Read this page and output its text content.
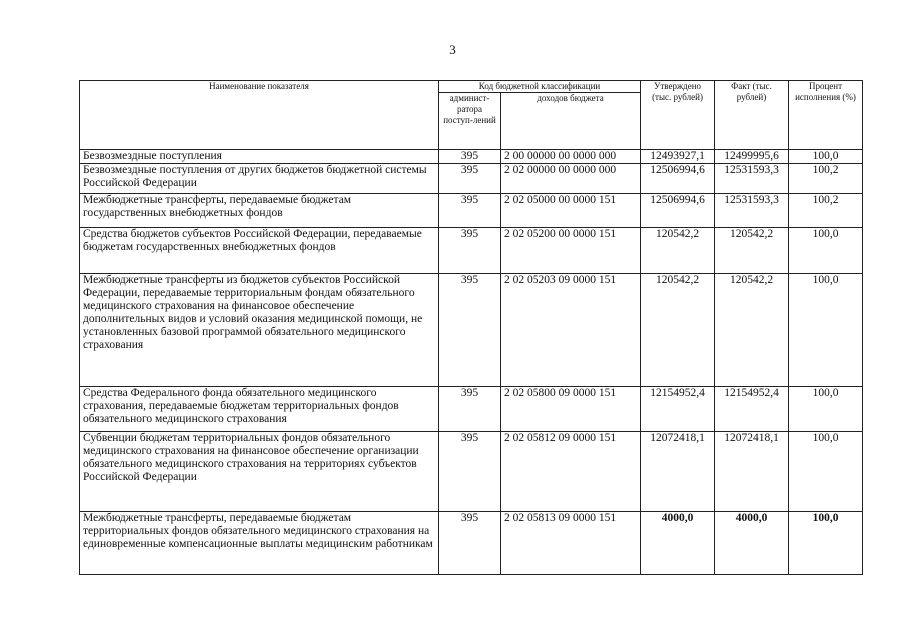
3
Наименование показателя	Код бюджетной классификации		Утверждено (тыс. рублей)	Факт (тыс. рублей)	Процент исполнения (%)
	админист-ратора поступ-лений	доходов бюджета			
Безвозмездные поступления	395	2 00 00000 00 0000 000	12493927,1	12499995,6	100,0
Безвозмездные поступления от других бюджетов бюджетной системы Российской Федерации	395	2 02 00000 00 0000 000	12506994,6	12531593,3	100,2
Межбюджетные трансферты, передаваемые бюджетам государственных внебюджетных фондов	395	2 02 05000 00 0000 151	12506994,6	12531593,3	100,2
Средства бюджетов субъектов Российской Федерации, передаваемые бюджетам государственных внебюджетных фондов	395	2 02 05200 00 0000 151	120542,2	120542,2	100,0
Межбюджетные трансферты из бюджетов субъектов Российской Федерации, передаваемые территориальным фондам обязательного медицинского страхования на финансовое обеспечение дополнительных видов и условий оказания медицинской помощи, не установленных базовой программой обязательного медицинского страхования	395	2 02 05203 09 0000 151	120542,2	120542,2	100,0
Средства Федерального фонда обязательного медицинского страхования, передаваемые бюджетам территориальных фондов обязательного медицинского страхования	395	2 02 05800 09 0000 151	12154952,4	12154952,4	100,0
Субвенции бюджетам территориальных фондов обязательного медицинского страхования на финансовое обеспечение организации обязательного медицинского страхования на территориях субъектов Российской Федерации	395	2 02 05812 09 0000 151	12072418,1	12072418,1	100,0
Межбюджетные трансферты, передаваемые бюджетам территориальных фондов обязательного медицинского страхования на единовременные компенсационные выплаты медицинским работникам	395	2 02 05813 09 0000 151	4000,0	4000,0	100,0
